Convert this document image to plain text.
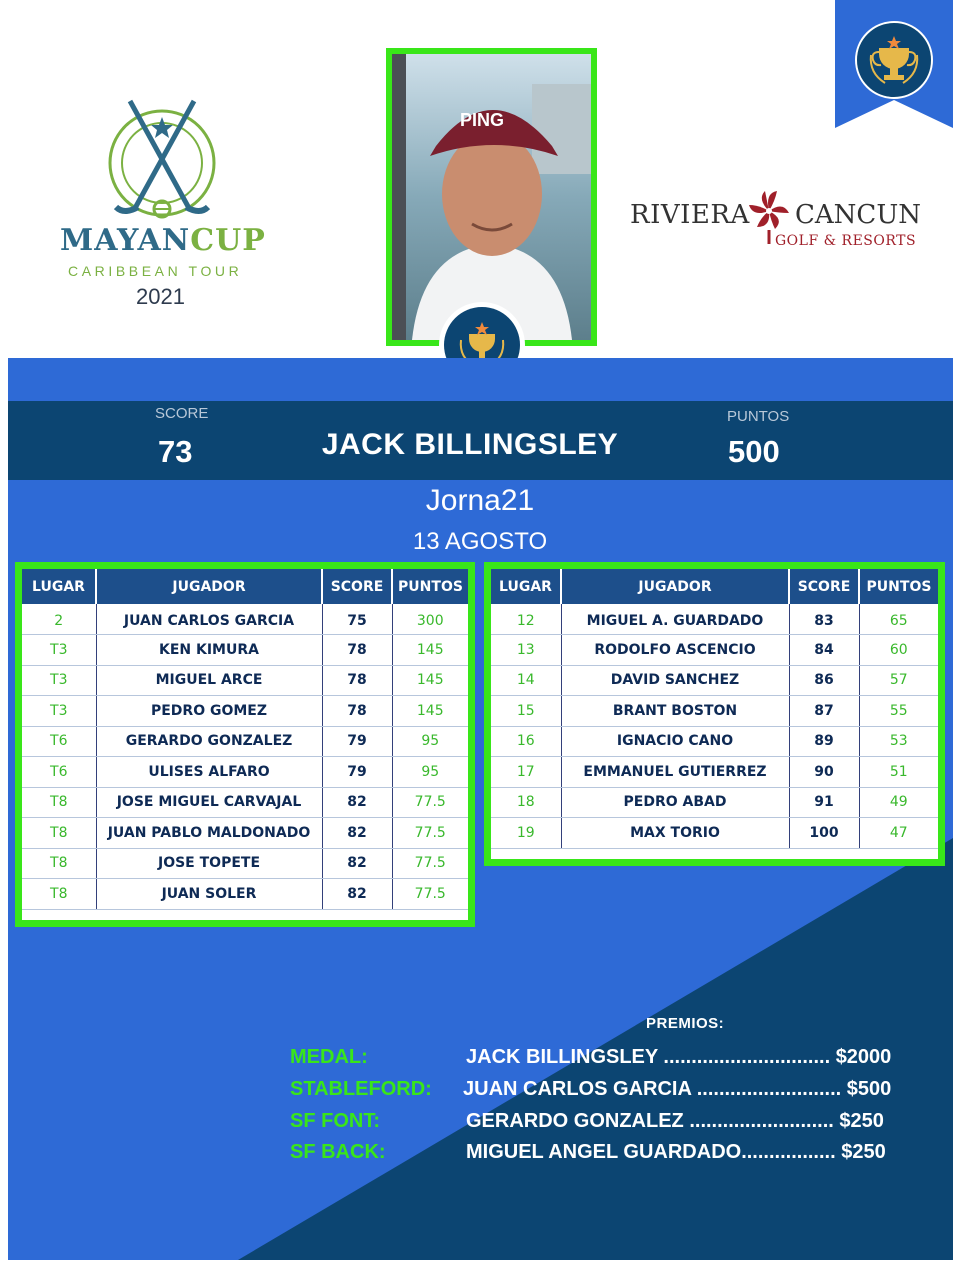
MAYANCUP
CARIBBEAN TOUR
2021
PING
RIVIERA CANCUN
GOLF & RESORTS
SCORE
73	JACK BILLINGSLEY
PUNTOS
500
Jorna21
13 AGOSTO
LUGAR	JUGADOR	SCORE	PUNTOS
2	JUAN CARLOS GARCIA	75	300
T3	KEN KIMURA	78	145
T3	MIGUEL ARCE	78	145
T3	PEDRO GOMEZ	78	145
T6	GERARDO GONZALEZ	79	95
T6	ULISES ALFARO	79	95
T8	JOSE MIGUEL CARVAJAL	82	77.5
T8	JUAN PABLO MALDONADO	82	77.5
T8	JOSE TOPETE	82	77.5
T8	JUAN SOLER	82	77.5
LUGAR	JUGADOR	SCORE	PUNTOS
12	MIGUEL A. GUARDADO	83	65
13	RODOLFO ASCENCIO	84	60
14	DAVID SANCHEZ	86	57
15	BRANT BOSTON	87	55
16	IGNACIO CANO	89	53
17	EMMANUEL GUTIERREZ	90	51
18	PEDRO ABAD	91	49
19	MAX TORIO	100	47
PREMIOS:
MEDAL:	JACK BILLINGSLEY .............................. $2000
STABLEFORD: JUAN CARLOS GARCIA .......................... $500
SF FONT:	GERARDO GONZALEZ .......................... $250
SF BACK:	MIGUEL ANGEL GUARDADO................. $250
